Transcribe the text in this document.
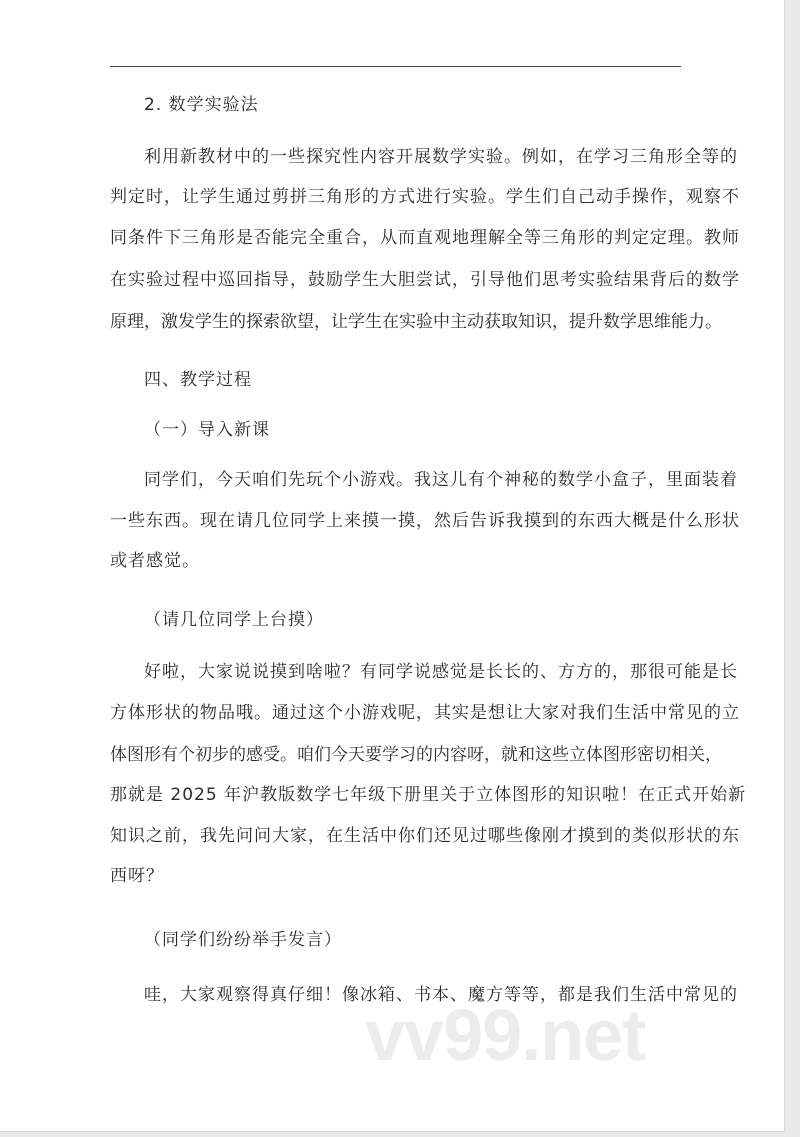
2. 数学实验法
利用新教材中的一些探究性内容开展数学实验。例如，在学习三角形全等的
判定时，让学生通过剪拼三角形的方式进行实验。学生们自己动手操作，观察不
同条件下三角形是否能完全重合，从而直观地理解全等三角形的判定定理。教师
在实验过程中巡回指导，鼓励学生大胆尝试，引导他们思考实验结果背后的数学
原理，激发学生的探索欲望，让学生在实验中主动获取知识，提升数学思维能力。
四、教学过程
（一）导入新课
同学们，今天咱们先玩个小游戏。我这儿有个神秘的数学小盒子，里面装着
一些东西。现在请几位同学上来摸一摸，然后告诉我摸到的东西大概是什么形状
或者感觉。
（请几位同学上台摸）
好啦，大家说说摸到啥啦？有同学说感觉是长长的、方方的，那很可能是长
方体形状的物品哦。通过这个小游戏呢，其实是想让大家对我们生活中常见的立
体图形有个初步的感受。咱们今天要学习的内容呀，就和这些立体图形密切相关，
那就是 2025 年沪教版数学七年级下册里关于立体图形的知识啦！在正式开始新
知识之前，我先问问大家，在生活中你们还见过哪些像刚才摸到的类似形状的东
西呀？
（同学们纷纷举手发言）
哇，大家观察得真仔细！像冰箱、书本、魔方等等，都是我们生活中常见的
vv99.net
